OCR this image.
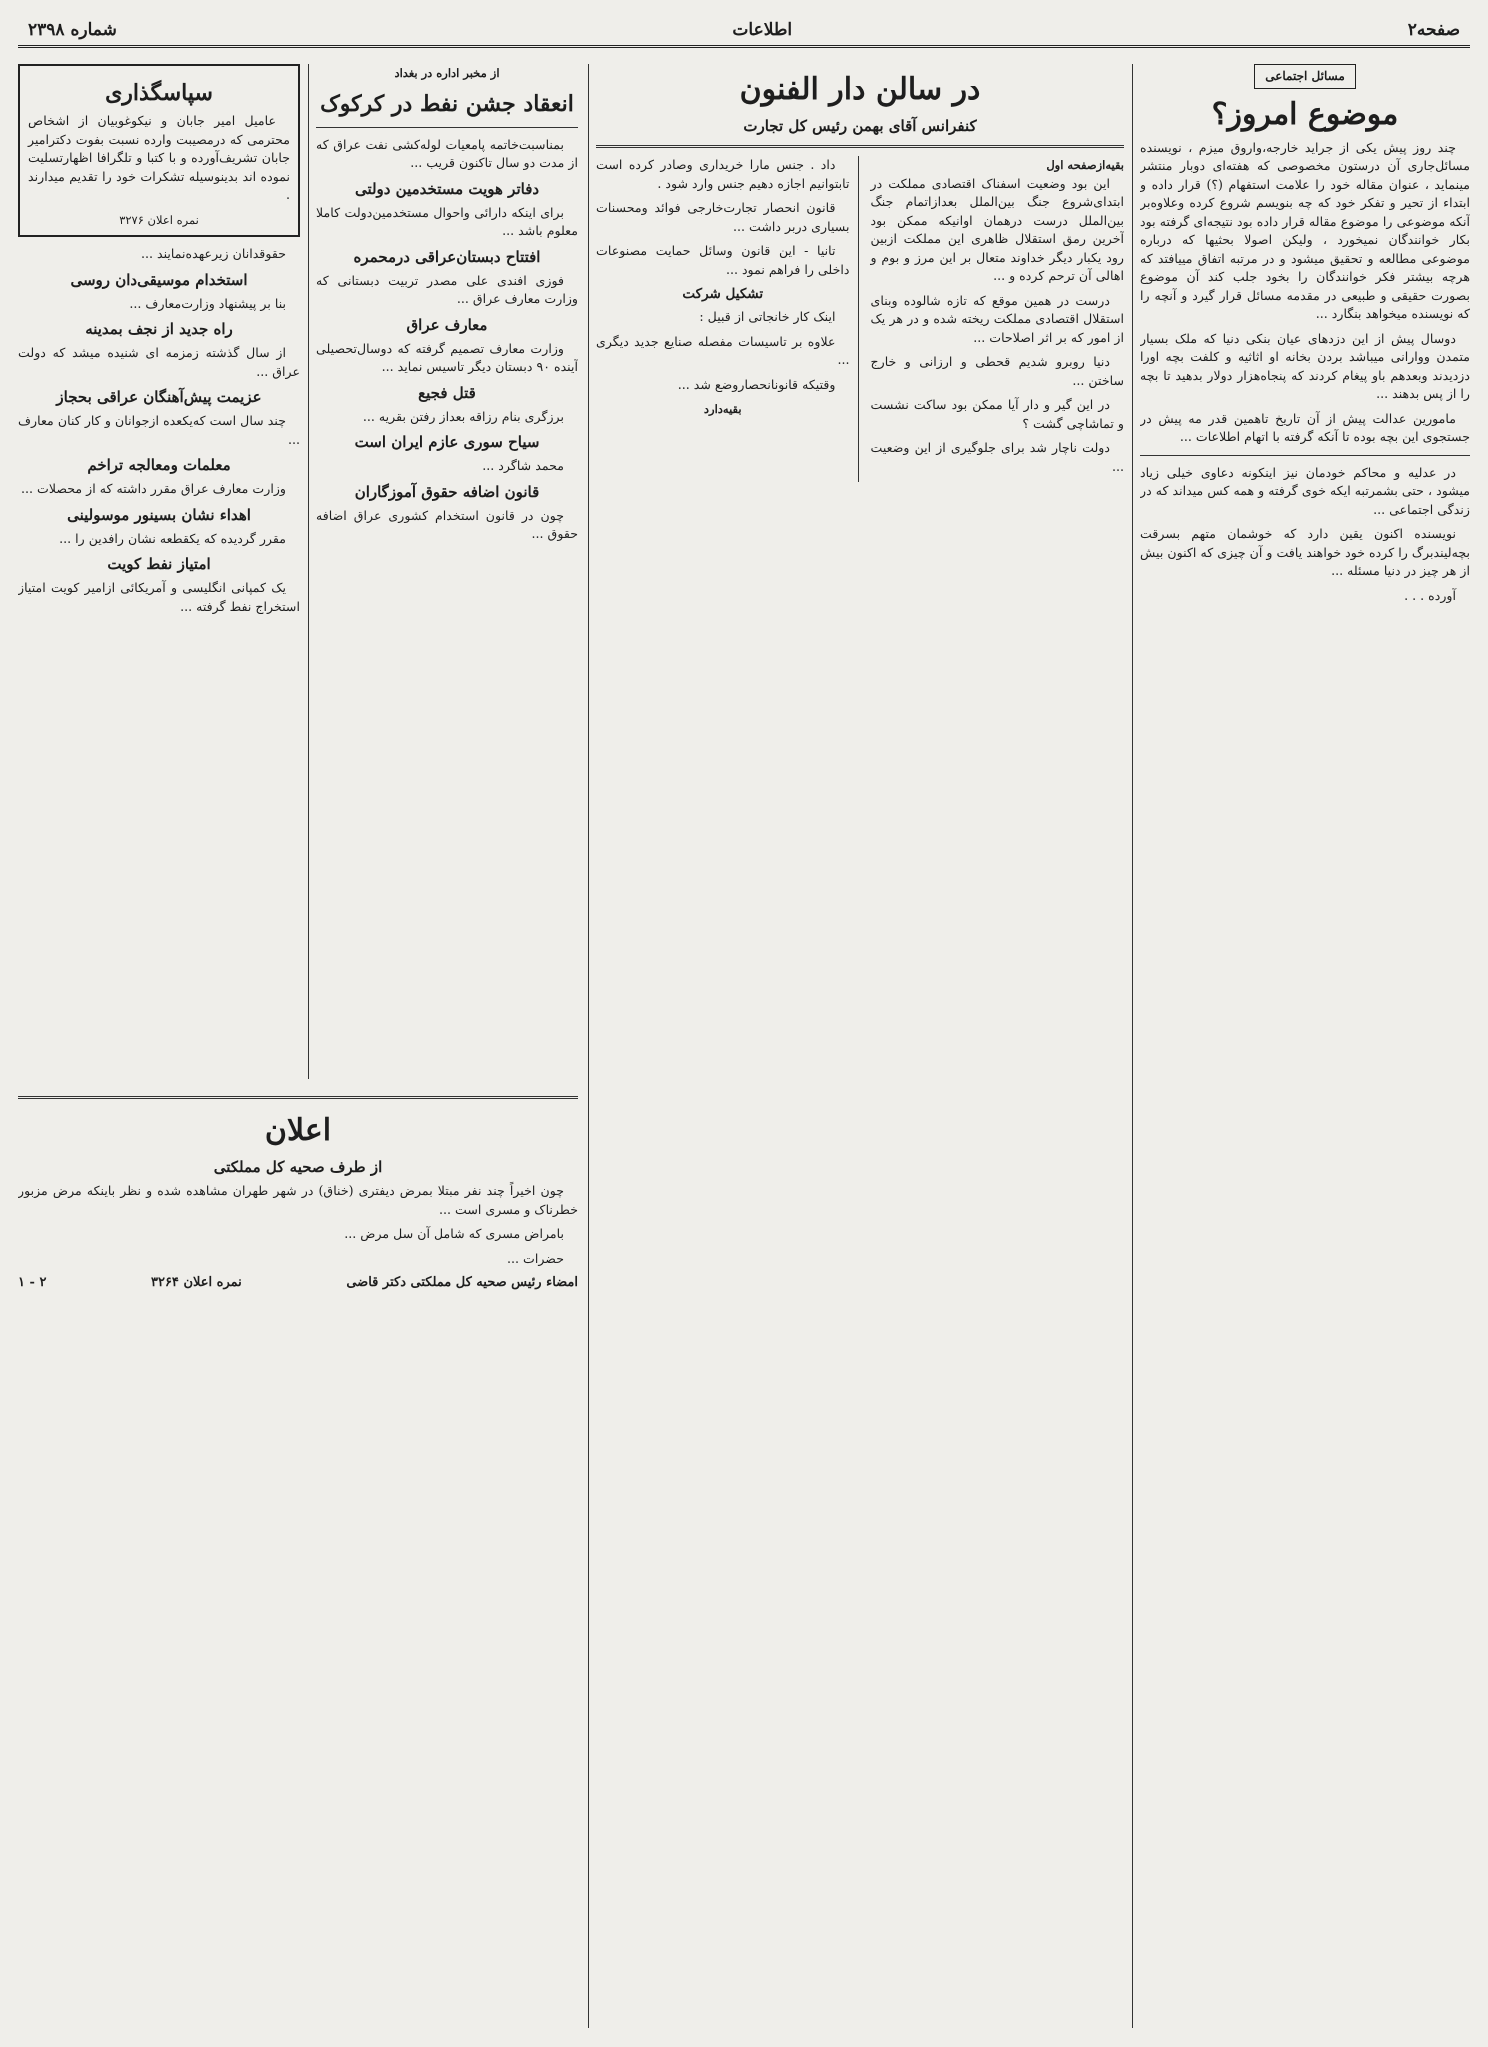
صفحه۲
اطلاعات
شماره ۲۳۹۸
مسائل اجتماعی
موضوع امروز؟

چند روز پیش یکی از جراید خارجه،واروق میزم ، نویسنده مسائل‌جاری آن درستون مخصوصی که هفته‌ای دوبار منتشر مینماید ، عنوان مقاله خود را علامت استفهام (؟) قرار داده و ابتداء از تحیر و تفکر خود که چه بنویسم شروع کرده وعلاوه‌بر آنکه موضوعی را موضوع مقاله قرار داده بود نتیجه‌ای گرفته بود بکار خوانندگان نمیخورد ، ولیکن اصولا بحثیها که درباره موضوعی مطالعه و تحقیق میشود و در مرتبه اتفاق مییافتد که هرچه بیشتر فکر خوانندگان را بخود جلب کند آن موضوع بصورت حقیقی و طبیعی در مقدمه مسائل قرار گیرد و آنچه را که نویسنده میخواهد بنگارد ...

دوسال پیش از این دزدهای عیان بنکی دنیا که ملک بسیار متمدن ووارانی میباشد بردن بخانه او اثاثیه و کلفت بچه اورا دزدیدند وبعدهم باو پیغام کردند که پنجاه‌هزار دولار بدهید تا بچه را از پس بدهند ...

مامورین عدالت پیش از آن تاریخ تاهمین قدر مه پیش در جستجوی این بچه بوده تا آنکه گرفته با اتهام اطلاعات ...

در عدلیه و محاکم خودمان نیز اینکونه دعاوی خیلی زیاد میشود ، حتی بشمرتبه ایکه خوی گرفته و همه کس میداند که در زندگی اجتماعی ...

نویسنده اکنون یقین دارد که خوشمان متهم بسرقت بچه‌لیندبرگ را کرده خود خواهند یافت و آن چیزی که اکنون بیش از هر چیز در دنیا مسئله ...

آورده . . .

در سالن دار الفنون
کنفرانس آقای بهمن رئیس کل تجارت
بقیه‌ازصفحه اول

این بود وضعیت اسفناک اقتصادی مملکت در ابتدای‌شروع جنگ بین‌الملل بعدازاتمام جنگ بین‌الملل درست درهمان اوانیکه ممکن بود آخرین رمق استقلال ظاهری این مملکت ازبین رود یکبار دیگر خداوند متعال بر این مرز و بوم و اهالی آن ترحم کرده و ...

درست در همین موقع که تازه شالوده وبنای استقلال اقتصادی مملکت ریخته شده و در هر یک از امور که بر اثر اصلاحات ...

دنیا روبرو شدیم قحطی و ارزانی و خارج ساختن ...

در این گیر و دار آیا ممکن بود ساکت نشست و تماشاچی گشت ؟

دولت ناچار شد برای جلوگیری از این وضعیت ...

داد . جنس مارا خریداری وصادر کرده است تابتوانیم اجازه دهیم جنس وارد شود .

قانون انحصار تجارت‌خارجی فوائد ومحسنات بسیاری دربر داشت ...

تانیا - این قانون وسائل حمایت مصنوعات داخلی را فراهم نمود ...

تشکیل شرکت

اینک کار خانجاتی از قبیل :

علاوه بر تاسیسات مفصله صنایع جدید دیگری ...

وقتیکه قانونانحصاروضع شد ...

بقیه‌دارد
از مخبر اداره در بغداد
انعقاد جشن نفط در کرکوک

بمناسبت‌خاتمه پامعیات لوله‌کشی نفت عراق که از مدت دو سال تاکنون قریب ...

دفاتر هویت مستخدمین دولتی

برای اینکه دارائی واحوال مستخدمین‌دولت کاملا معلوم باشد ...

افتتاح دبستان‌عراقی درمحمره

فوزی افندی علی مصدر تربیت دبستانی که وزارت معارف عراق ...

معارف عراق

وزارت معارف تصمیم گرفته که دوسال‌تحصیلی آینده ۹۰ دبستان دیگر تاسیس نماید ...

قتل فجیع

برزگری بنام رزاقه بعداز رفتن بقریه ...

سیاح سوری عازم ایران است

محمد شاگرد ...

قانون اضافه حقوق آموزگاران

چون در قانون استخدام کشوری عراق اضافه حقوق ...

سپاسگذاری

عامیل امیر جابان و نیکوغوبیان از اشخاص محترمی که درمصیبت وارده نسبت بفوت دکترامیر جابان تشریف‌آورده و با کتبا و تلگرافا اظهارتسلیت نموده اند بدینوسیله تشکرات خود را تقدیم میدارند .

نمره اعلان ۳۲۷۶

حقوقدانان زیرعهده‌نمایند ...

استخدام موسیقی‌دان روسی

بنا بر پیشنهاد وزارت‌معارف ...

راه جدید از نجف بمدینه

از سال گذشته زمزمه ای شنیده میشد که دولت عراق ...

عزیمت پیش‌آهنگان عراقی بحجاز

چند سال است که‌یکعده ازجوانان و کار کنان معارف ...

معلمات ومعالجه تراخم

وزارت معارف عراق مقرر داشته که از محصلات ...

اهداء نشان بسینور موسولینی

مقرر گردیده که یکقطعه نشان رافدین را ...

امتیاز نفط کویت

یک کمپانی انگلیسی و آمریکائی ازامیر کویت امتیاز استخراج نفط گرفته ...

اعلان
از طرف صحیه کل مملکتی

چون اخیراً چند نفر مبتلا بمرض دیفتری (خناق) در شهر طهران مشاهده شده و نظر باینکه مرض مزبور خطرناک و مسری است ...

بامراض مسری که شامل آن سل مرض ...

حضرات ...

امضاء رئیس صحیه کل مملکتی دکتر قاضی
نمره اعلان ۳۲۶۴
۲ - ۱
